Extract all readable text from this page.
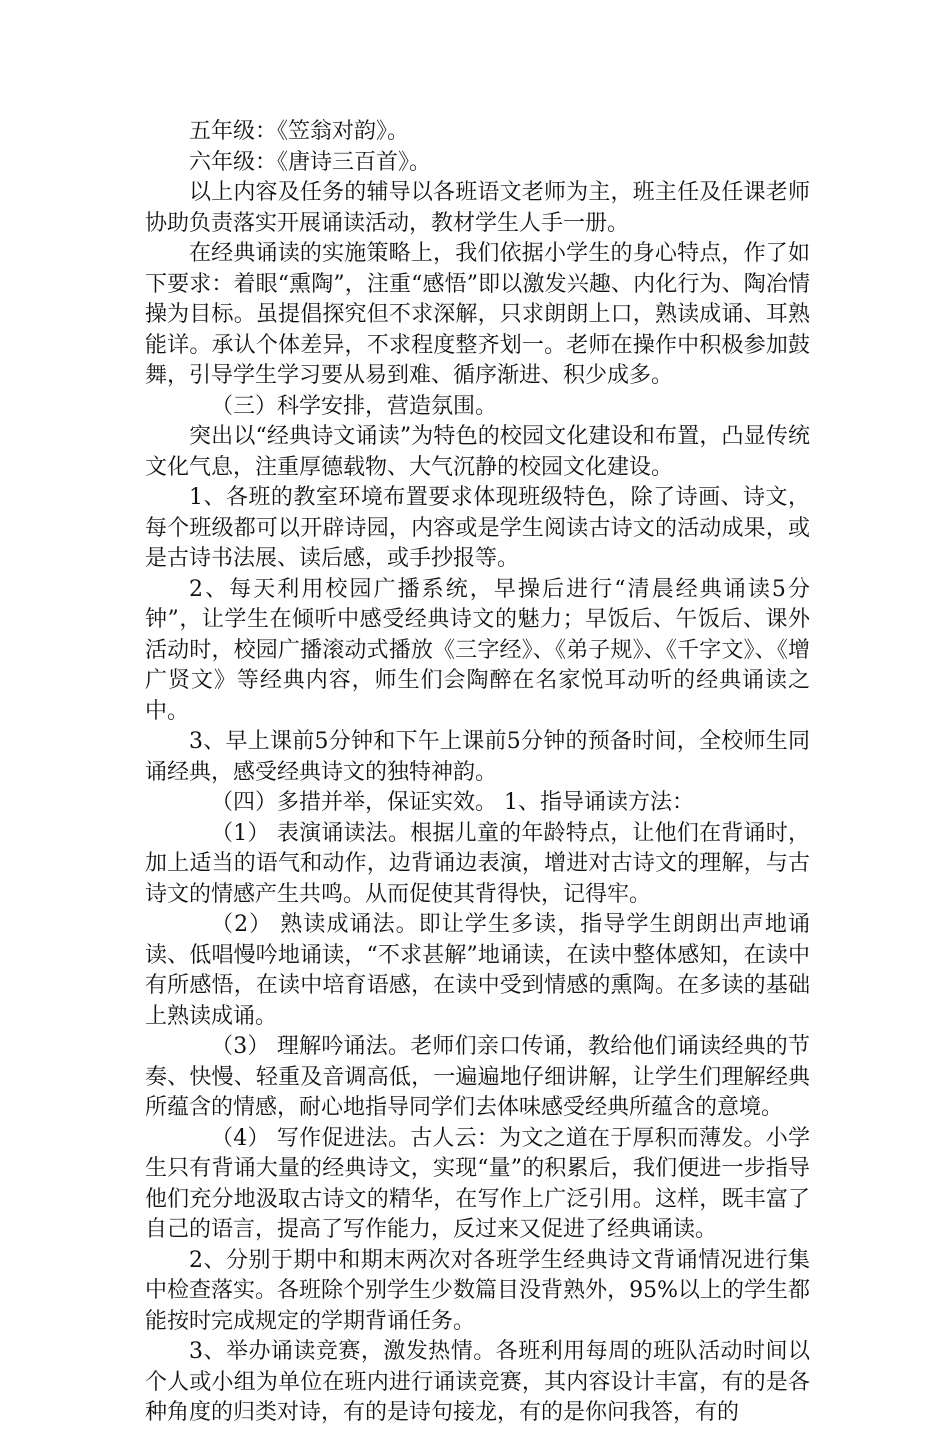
五年级：《笠翁对韵》。

六年级：《唐诗三百首》。

以上内容及任务的辅导以各班语文老师为主，班主任及任课老师协助负责落实开展诵读活动，教材学生人手一册。

在经典诵读的实施策略上，我们依据小学生的身心特点，作了如下要求：着眼“熏陶”，注重“感悟”即以激发兴趣、内化行为、陶冶情操为目标。虽提倡探究但不求深解，只求朗朗上口，熟读成诵、耳熟能详。承认个体差异，不求程度整齐划一。老师在操作中积极参加鼓舞，引导学生学习要从易到难、循序渐进、积少成多。

（三）科学安排，营造氛围。

突出以“经典诗文诵读”为特色的校园文化建设和布置，凸显传统文化气息，注重厚德载物、大气沉静的校园文化建设。

1、各班的教室环境布置要求体现班级特色，除了诗画、诗文，每个班级都可以开辟诗园，内容或是学生阅读古诗文的活动成果，或是古诗书法展、读后感，或手抄报等。

2、每天利用校园广播系统，早操后进行“清晨经典诵读5分钟”，让学生在倾听中感受经典诗文的魅力；早饭后、午饭后、课外活动时，校园广播滚动式播放《三字经》、《弟子规》、《千字文》、《增广贤文》等经典内容，师生们会陶醉在名家悦耳动听的经典诵读之中。

3、早上课前5分钟和下午上课前5分钟的预备时间，全校师生同诵经典，感受经典诗文的独特神韵。

（四）多措并举，保证实效。 1、指导诵读方法：

（1） 表演诵读法。根据儿童的年龄特点，让他们在背诵时，加上适当的语气和动作，边背诵边表演，增进对古诗文的理解，与古诗文的情感产生共鸣。从而促使其背得快，记得牢。

（2） 熟读成诵法。即让学生多读，指导学生朗朗出声地诵读、低唱慢吟地诵读，“不求甚解”地诵读，在读中整体感知，在读中有所感悟，在读中培育语感，在读中受到情感的熏陶。在多读的基础上熟读成诵。

（3） 理解吟诵法。老师们亲口传诵，教给他们诵读经典的节奏、快慢、轻重及音调高低，一遍遍地仔细讲解，让学生们理解经典所蕴含的情感，耐心地指导同学们去体味感受经典所蕴含的意境。

（4） 写作促进法。古人云：为文之道在于厚积而薄发。小学生只有背诵大量的经典诗文，实现“量”的积累后，我们便进一步指导他们充分地汲取古诗文的精华，在写作上广泛引用。这样，既丰富了自己的语言，提高了写作能力，反过来又促进了经典诵读。

2、分别于期中和期末两次对各班学生经典诗文背诵情况进行集中检查落实。各班除个别学生少数篇目没背熟外，95%以上的学生都能按时完成规定的学期背诵任务。

3、举办诵读竞赛，激发热情。各班利用每周的班队活动时间以个人或小组为单位在班内进行诵读竞赛，其内容设计丰富，有的是各种角度的归类对诗，有的是诗句接龙，有的是你问我答，有的
